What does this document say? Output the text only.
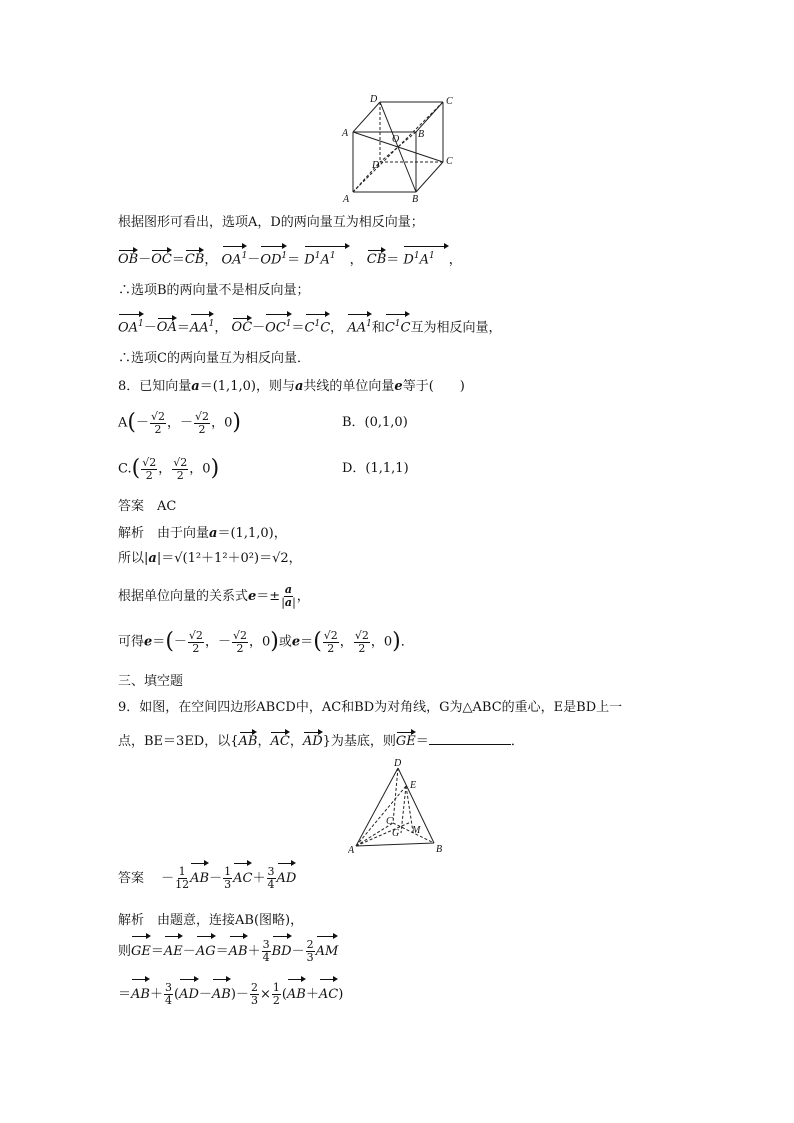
D	C
A
O B
D	C
A	B
根据图形可看出，选项A，D的两向量互为相反向量；
OB－OC＝CB， $OA^1-OD^1= D^1A^1$ ， $CB= D^1A^1$ ，
∴选项B的两向量不是相反向量；
$OA^1-OA=AA^1$， $OC-OC^1=C^1C$， $AA^1$和$C^1C$互为相反向量，
∴选项C的两向量互为相反向量．
8．已知向量a＝(1,1,0)，则与a共线的单位向量e等于(　　)
$A(- \frac{√2}{2}$ ，－ $\frac{√2}{2}$ ，0)	B．(0,1,0)
$C.( \frac{√2}{2}$ ， $\frac{√2}{2}$ ，0)	D．(1,1,1)
答案　 AC
解析　 由于向量a＝(1,1,0)，
所以|a|＝√(1²＋1²＋0²)＝√2，
根据单位向量的关系式$e=\pm \frac{a}{|a|}$ ，
可得$e=(- \frac{√2}{2}$ ，－ $\frac{√2}{2}$ ，0)或$e=( \frac{√2}{2}$ ， $\frac{√2}{2}$ ，0)．
三、填空题
9．如图，在空间四边形ABCD中，AC和BD为对角线，G为△ABC的重心，E是BD上一
点，BE＝3ED，以{AB，AC，AD}为基底，则GE＝	．
D
E
C
G M
A	B
答案　 － $\frac{1}{12} AB- \frac{1}{3} AC+ \frac{3}{4}$ AD
解析　 由题意，连接AB(图略)，
则$GE=AE-AG=AB+ \frac{3}{4} BD- \frac{2}{3}$ AM
$=AB+ \frac{3}{4} (AD-AB)- \frac{2}{3} \times \frac{1}{2} (AB+AC)$
